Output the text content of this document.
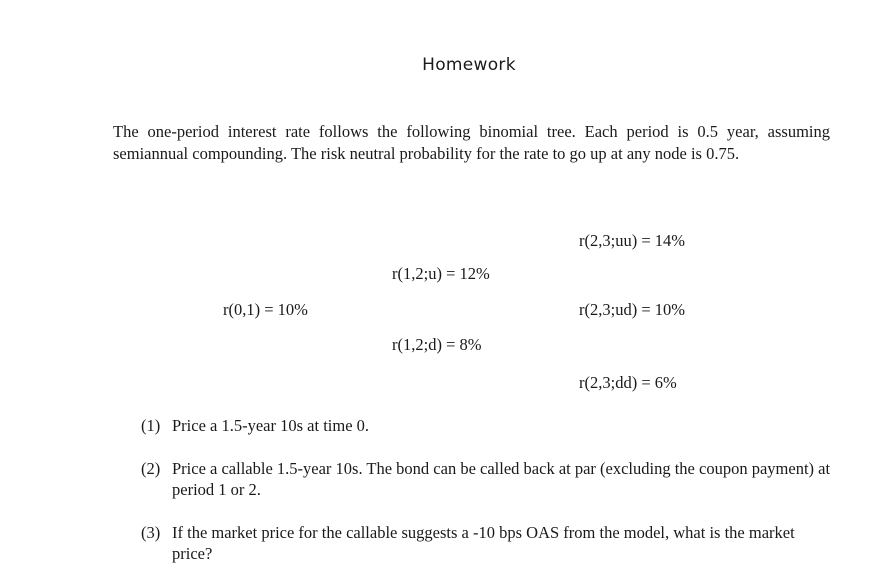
Homework

The one-period interest rate follows the following binomial tree. Each period is 0.5 year, assuming semiannual compounding. The risk neutral probability for the rate to go up at any node is 0.75.

r(0,1) = 10%
r(1,2;u) = 12%
r(1,2;d) = 8%
r(2,3;uu) = 14%
r(2,3;ud) = 10%
r(2,3;dd) = 6%
(1) Price a 1.5-year 10s at time 0.
(2) Price a callable 1.5-year 10s. The bond can be called back at par (excluding the coupon payment) at period 1 or 2.
(3) If the market price for the callable suggests a -10 bps OAS from the model, what is the market price?
